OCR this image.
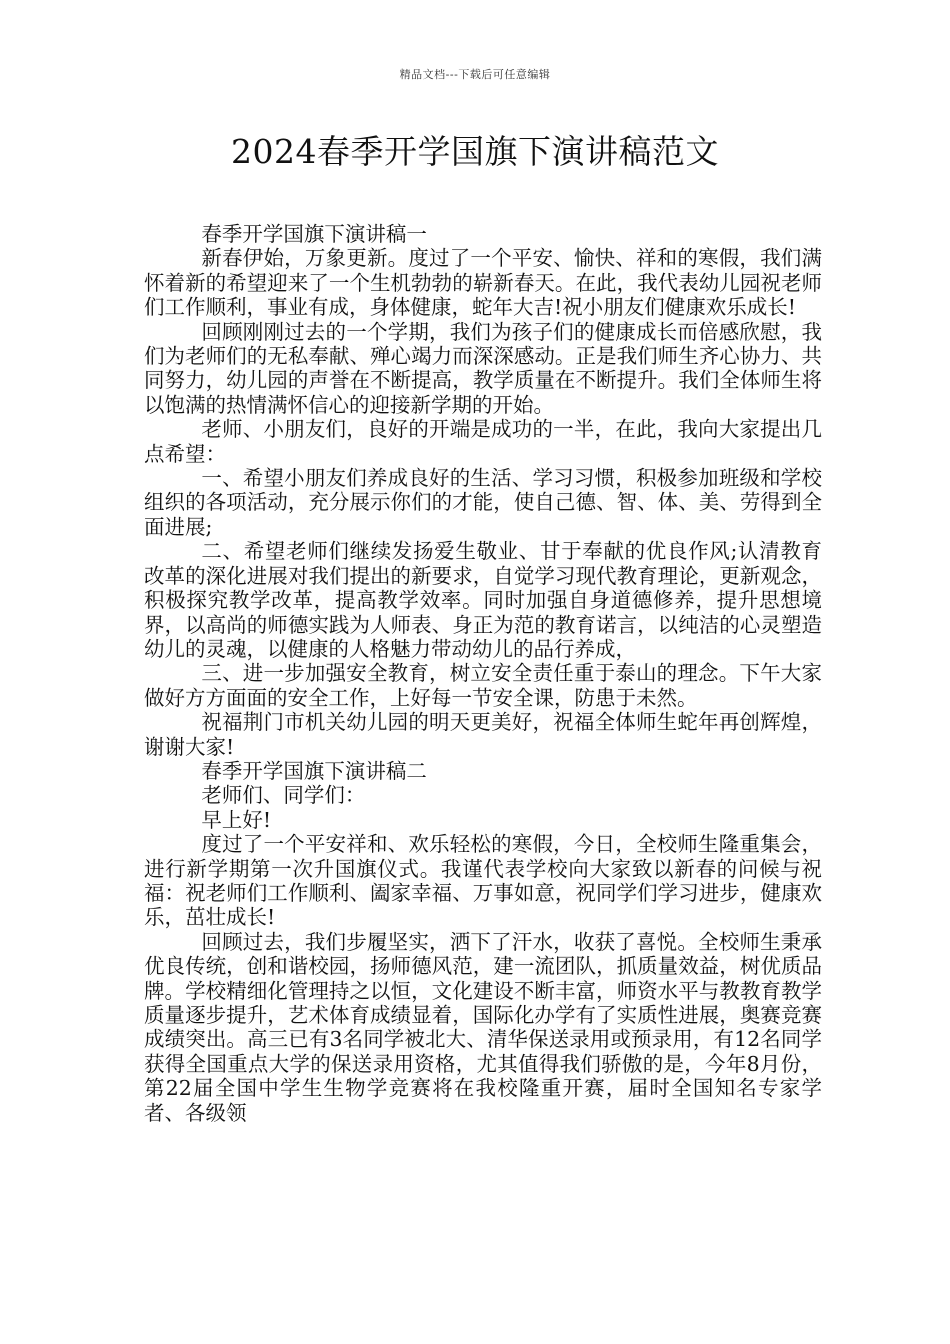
精品文档---下载后可任意编辑
2024春季开学国旗下演讲稿范文

春季开学国旗下演讲稿一

新春伊始，万象更新。度过了一个平安、愉快、祥和的寒假，我们满怀着新的希望迎来了一个生机勃勃的崭新春天。在此，我代表幼儿园祝老师们工作顺利，事业有成，身体健康，蛇年大吉!祝小朋友们健康欢乐成长!

回顾刚刚过去的一个学期，我们为孩子们的健康成长而倍感欣慰，我们为老师们的无私奉献、殚心竭力而深深感动。正是我们师生齐心协力、共同努力，幼儿园的声誉在不断提高，教学质量在不断提升。我们全体师生将以饱满的热情满怀信心的迎接新学期的开始。

老师、小朋友们，良好的开端是成功的一半，在此，我向大家提出几点希望：

一、希望小朋友们养成良好的生活、学习习惯，积极参加班级和学校组织的各项活动，充分展示你们的才能，使自己德、智、体、美、劳得到全面进展;

二、希望老师们继续发扬爱生敬业、甘于奉献的优良作风;认清教育改革的深化进展对我们提出的新要求，自觉学习现代教育理论，更新观念，积极探究教学改革，提高教学效率。同时加强自身道德修养，提升思想境界，以高尚的师德实践为人师表、身正为范的教育诺言，以纯洁的心灵塑造幼儿的灵魂，以健康的人格魅力带动幼儿的品行养成，

三、进一步加强安全教育，树立安全责任重于泰山的理念。下午大家做好方方面面的安全工作，上好每一节安全课，防患于未然。

祝福荆门市机关幼儿园的明天更美好，祝福全体师生蛇年再创辉煌，谢谢大家!

春季开学国旗下演讲稿二

老师们、同学们：

早上好!

度过了一个平安祥和、欢乐轻松的寒假，今日，全校师生隆重集会，进行新学期第一次升国旗仪式。我谨代表学校向大家致以新春的问候与祝福：祝老师们工作顺利、阖家幸福、万事如意，祝同学们学习进步，健康欢乐，茁壮成长!

回顾过去，我们步履坚实，洒下了汗水，收获了喜悦。全校师生秉承优良传统，创和谐校园，扬师德风范，建一流团队，抓质量效益，树优质品牌。学校精细化管理持之以恒，文化建设不断丰富，师资水平与教教育教学质量逐步提升，艺术体育成绩显着，国际化办学有了实质性进展，奥赛竞赛成绩突出。高三已有3名同学被北大、清华保送录用或预录用，有12名同学获得全国重点大学的保送录用资格，尤其值得我们骄傲的是，今年8月份，第22届全国中学生生物学竞赛将在我校隆重开赛，届时全国知名专家学者、各级领
